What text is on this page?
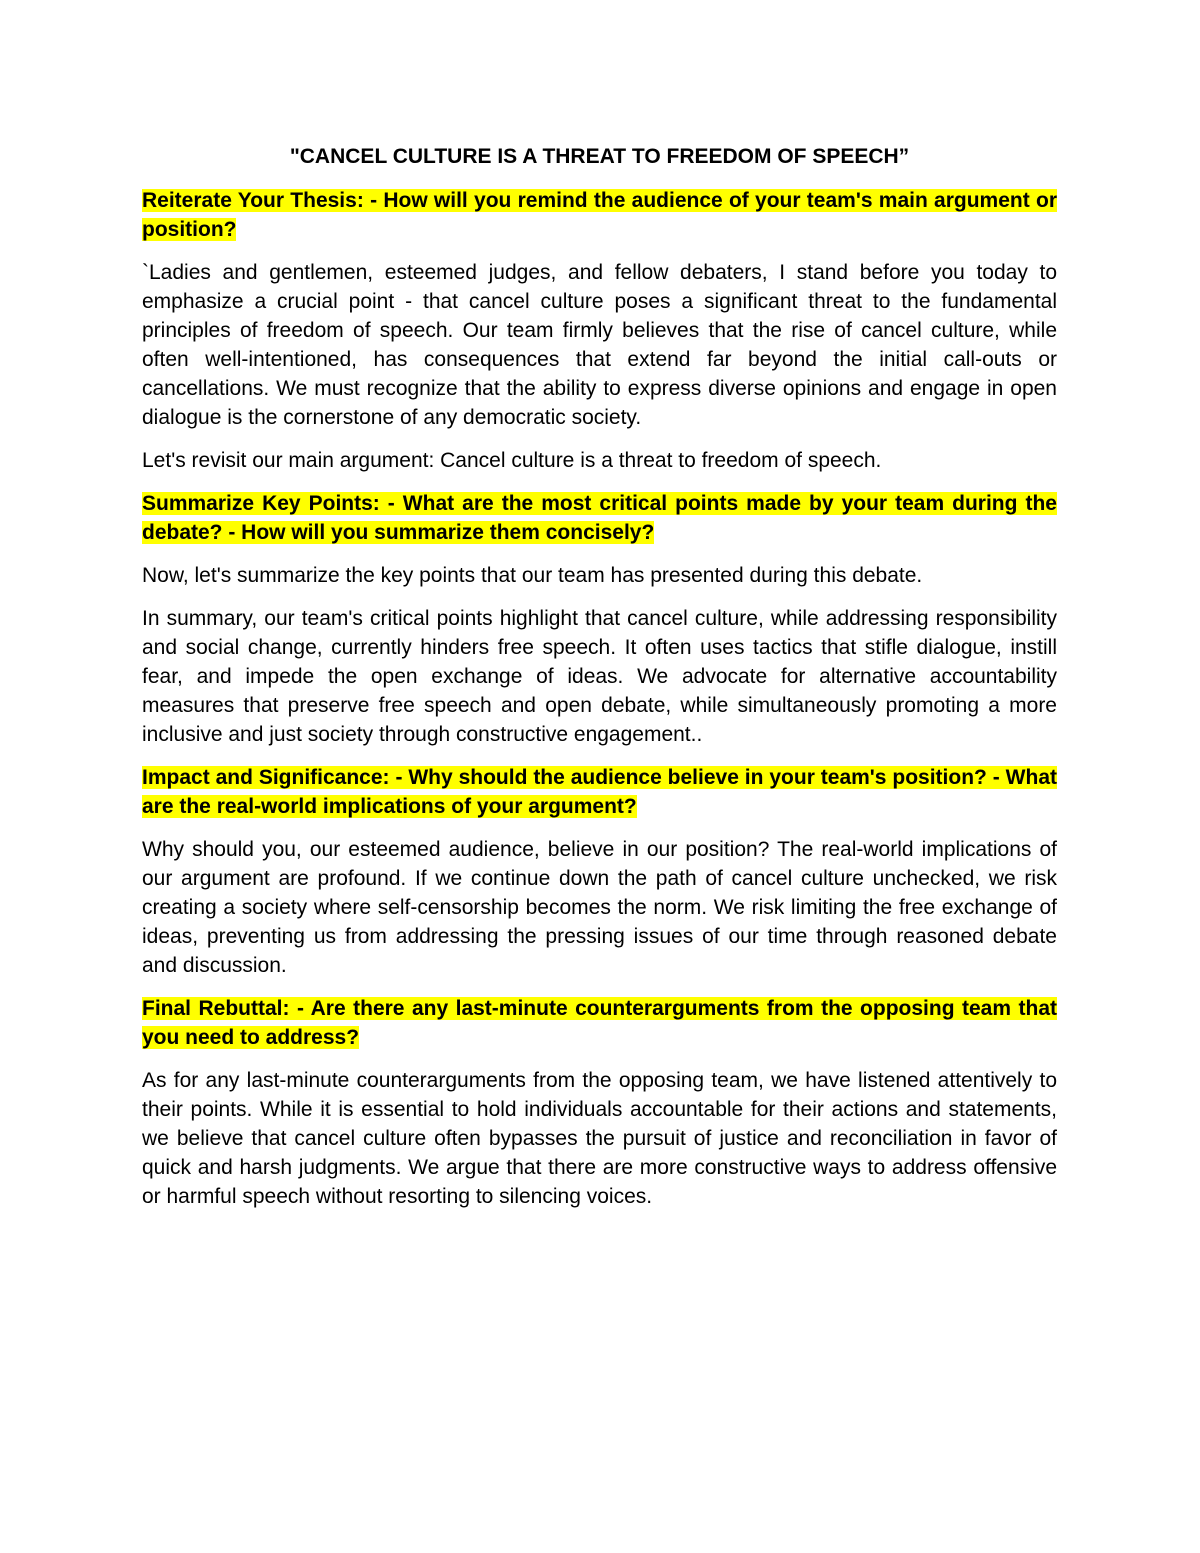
"CANCEL CULTURE IS A THREAT TO FREEDOM OF SPEECH”

Reiterate Your Thesis: - How will you remind the audience of your team's main argument or position?

`Ladies and gentlemen, esteemed judges, and fellow debaters, I stand before you today to emphasize a crucial point - that cancel culture poses a significant threat to the fundamental principles of freedom of speech. Our team firmly believes that the rise of cancel culture, while often well-intentioned, has consequences that extend far beyond the initial call-outs or cancellations. We must recognize that the ability to express diverse opinions and engage in open dialogue is the cornerstone of any democratic society.

Let's revisit our main argument: Cancel culture is a threat to freedom of speech.

Summarize Key Points: - What are the most critical points made by your team during the debate? - How will you summarize them concisely?

Now, let's summarize the key points that our team has presented during this debate.

In summary, our team's critical points highlight that cancel culture, while addressing responsibility and social change, currently hinders free speech. It often uses tactics that stifle dialogue, instill fear, and impede the open exchange of ideas. We advocate for alternative accountability measures that preserve free speech and open debate, while simultaneously promoting a more inclusive and just society through constructive engagement..

Impact and Significance: - Why should the audience believe in your team's position? - What are the real-world implications of your argument?

Why should you, our esteemed audience, believe in our position? The real-world implications of our argument are profound. If we continue down the path of cancel culture unchecked, we risk creating a society where self-censorship becomes the norm. We risk limiting the free exchange of ideas, preventing us from addressing the pressing issues of our time through reasoned debate and discussion.

Final Rebuttal: - Are there any last-minute counterarguments from the opposing team that you need to address?

As for any last-minute counterarguments from the opposing team, we have listened attentively to their points. While it is essential to hold individuals accountable for their actions and statements, we believe that cancel culture often bypasses the pursuit of justice and reconciliation in favor of quick and harsh judgments. We argue that there are more constructive ways to address offensive or harmful speech without resorting to silencing voices.
